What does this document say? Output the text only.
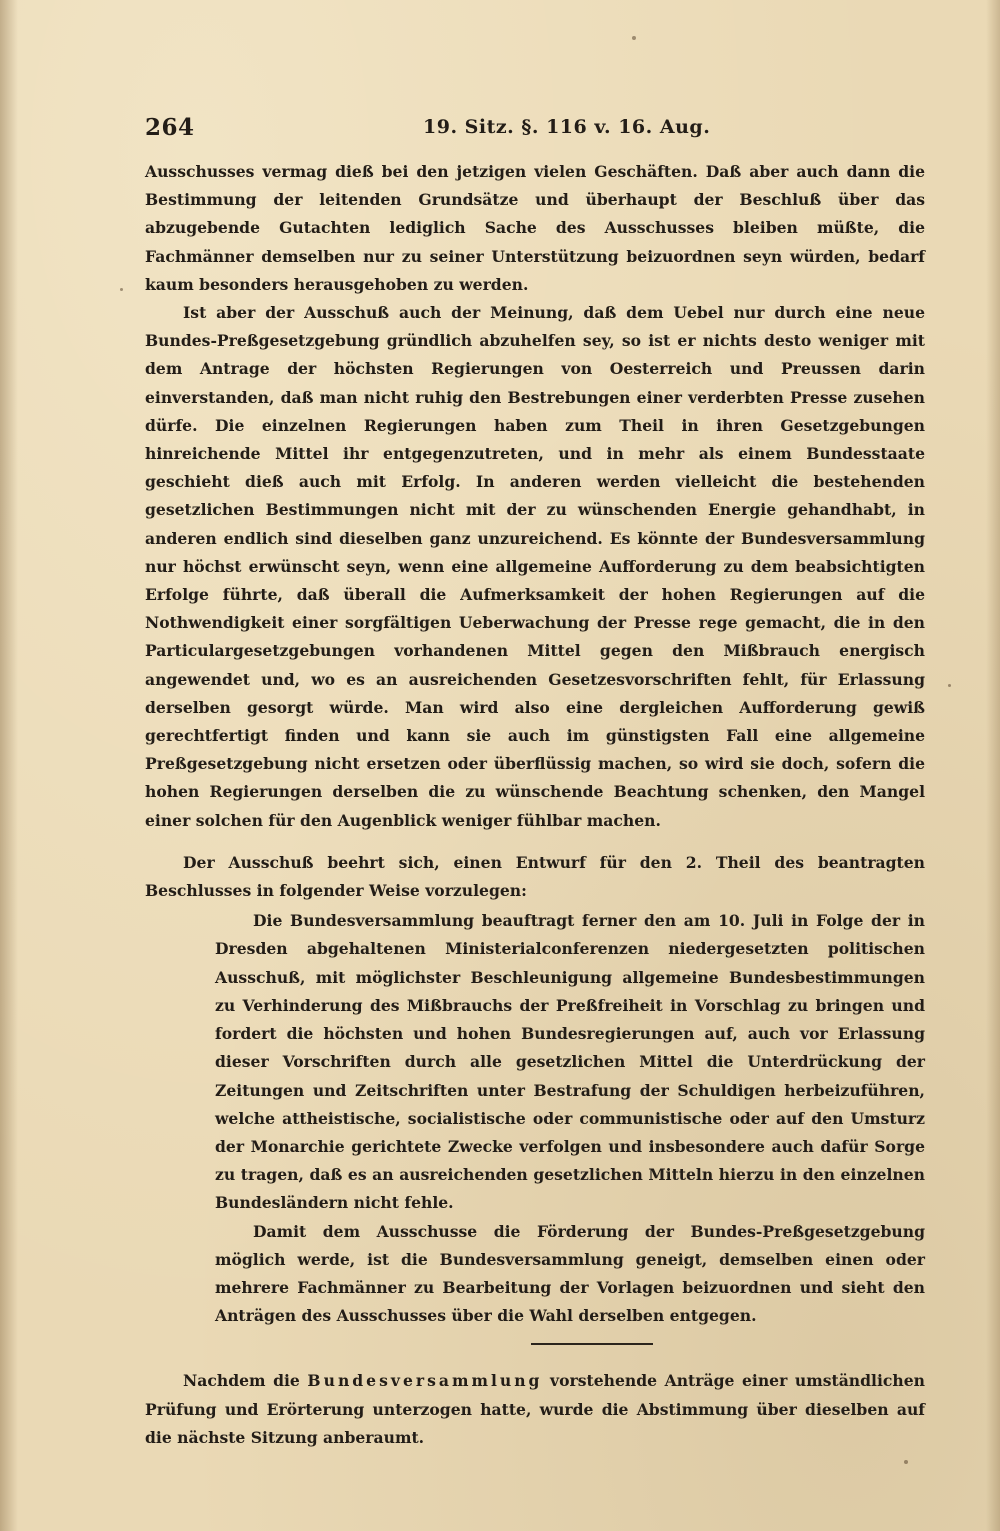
264	19. Sitz. §. 116 v. 16. Aug.

Ausschusses vermag dieß bei den jetzigen vielen Geschäften. Daß aber auch dann die Bestimmung der leitenden Grundsätze und überhaupt der Beschluß über das abzugebende Gutachten lediglich Sache des Ausschusses bleiben müßte, die Fachmänner demselben nur zu seiner Unterstützung beizuordnen seyn würden, bedarf kaum besonders herausgehoben zu werden.

Ist aber der Ausschuß auch der Meinung, daß dem Uebel nur durch eine neue Bundes-Preßgesetzgebung gründlich abzuhelfen sey, so ist er nichts desto weniger mit dem Antrage der höchsten Regierungen von Oesterreich und Preussen darin einverstanden, daß man nicht ruhig den Bestrebungen einer verderbten Presse zusehen dürfe. Die einzelnen Regierungen haben zum Theil in ihren Gesetzgebungen hinreichende Mittel ihr entgegenzutreten, und in mehr als einem Bundesstaate geschieht dieß auch mit Erfolg. In anderen werden vielleicht die bestehenden gesetzlichen Bestimmungen nicht mit der zu wünschenden Energie gehandhabt, in anderen endlich sind dieselben ganz unzureichend. Es könnte der Bundesversammlung nur höchst erwünscht seyn, wenn eine allgemeine Aufforderung zu dem beabsichtigten Erfolge führte, daß überall die Aufmerksamkeit der hohen Regierungen auf die Nothwendigkeit einer sorgfältigen Ueberwachung der Presse rege gemacht, die in den Particulargesetzgebungen vorhandenen Mittel gegen den Mißbrauch energisch angewendet und, wo es an ausreichenden Gesetzesvorschriften fehlt, für Erlassung derselben gesorgt würde. Man wird also eine dergleichen Aufforderung gewiß gerechtfertigt finden und kann sie auch im günstigsten Fall eine allgemeine Preßgesetzgebung nicht ersetzen oder überflüssig machen, so wird sie doch, sofern die hohen Regierungen derselben die zu wünschende Beachtung schenken, den Mangel einer solchen für den Augenblick weniger fühlbar machen.

Der Ausschuß beehrt sich, einen Entwurf für den 2. Theil des beantragten Beschlusses in folgender Weise vorzulegen:

Die Bundesversammlung beauftragt ferner den am 10. Juli in Folge der in Dresden abgehaltenen Ministerialconferenzen niedergesetzten politischen Ausschuß, mit möglichster Beschleunigung allgemeine Bundesbestimmungen zu Verhinderung des Mißbrauchs der Preßfreiheit in Vorschlag zu bringen und fordert die höchsten und hohen Bundesregierungen auf, auch vor Erlassung dieser Vorschriften durch alle gesetzlichen Mittel die Unterdrückung der Zeitungen und Zeitschriften unter Bestrafung der Schuldigen herbeizuführen, welche attheistische, socialistische oder communistische oder auf den Umsturz der Monarchie gerichtete Zwecke verfolgen und insbesondere auch dafür Sorge zu tragen, daß es an ausreichenden gesetzlichen Mitteln hierzu in den einzelnen Bundesländern nicht fehle.

Damit dem Ausschusse die Förderung der Bundes-Preßgesetzgebung möglich werde, ist die Bundesversammlung geneigt, demselben einen oder mehrere Fachmänner zu Bearbeitung der Vorlagen beizuordnen und sieht den Anträgen des Ausschusses über die Wahl derselben entgegen.

Nachdem die Bundesversammlung vorstehende Anträge einer umständlichen Prüfung und Erörterung unterzogen hatte, wurde die Abstimmung über dieselben auf die nächste Sitzung anberaumt.
